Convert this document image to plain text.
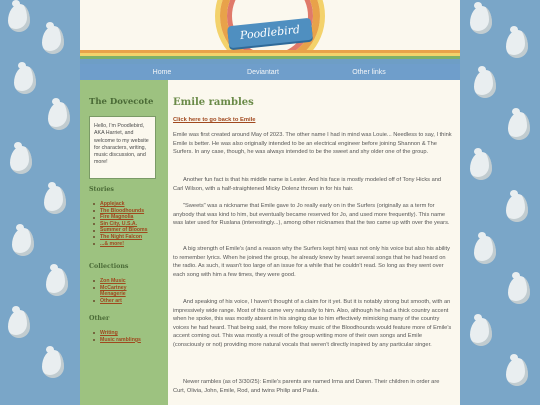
Poodlebird
Home	Deviantart	Other links
The Dovecote
Hello, I'm Poodlebird, AKA Harriet, and welcome to my website for characters, writing, music discussion, and more!
Stories
Applejack
The Bloodhounds
Fire Magnolia
Sin City, U.S.A.
Summer of Blooms
The Night Falcon
...& more!
Collections
Zon Music
McCartney Menagerie
Other art
Other
Writing
Music ramblings
Emile rambles
Click here to go back to Emile

Emile was first created around May of 2023. The other name I had in mind was Louie... Needless to say, I think Emile is better. He was also originally intended to be an electrical engineer before joining Shannon & The Surfers. In any case, though, he was always intended to be the sweet and shy older one of the group.

Another fun fact is that his middle name is Lester. And his face is mostly modeled off of Tony Hicks and Carl Wilson, with a half-straightened Micky Dolenz thrown in for his hair.

"Sweets" was a nickname that Emile gave to Jo really early on in the Surfers (originally as a term for anybody that was kind to him, but eventually became reserved for Jo, and used more frequently). This name was later used for Ruslana (interestingly...), among other nicknames that the two came up with over the years.

A big strength of Emile's (and a reason why the Surfers kept him) was not only his voice but also his ability to remember lyrics. When he joined the group, he already knew by heart several songs that he had heard on the radio. As such, it wasn't too large of an issue for a while that he couldn't read. So long as they went over each song with him a few times, they were good.

And speaking of his voice, I haven't thought of a claim for it yet. But it is notably strong but smooth, with an impressively wide range. Most of this came very naturally to him. Also, although he had a thick country accent when he spoke, this was mostly absent in his singing due to him effectively mimicking many of the country voices he had heard. That being said, the more folksy music of the Bloodhounds would feature more of Emile's accent coming out. This was mostly a result of the group writing more of their own songs and Emile (consciously or not) providing more natural vocals that weren't directly inspired by any particular singer.

Newer rambles (as of 3/30/25): Emile's parents are named Irma and Daren. Their children in order are Curt, Olivia, John, Emile, Rod, and twins Philip and Paula.
